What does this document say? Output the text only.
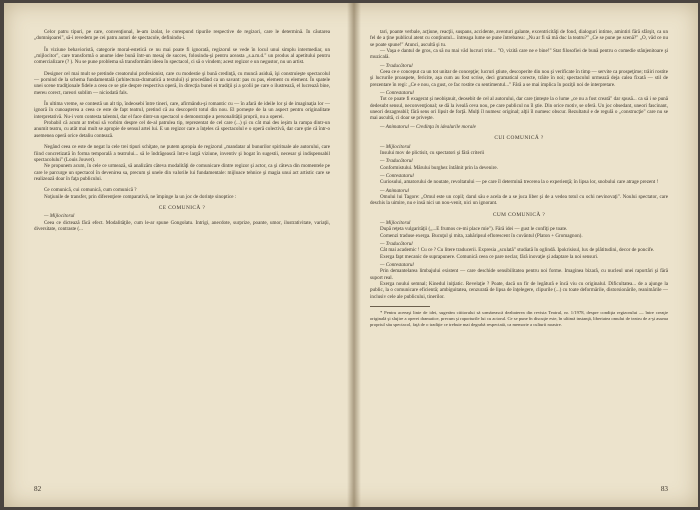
Celor patru tipuri, pe care, convenţional, le-am izolat, le corespund tipurile respective de regizori, care le determină. În căutarea „domnişoarei", să-i revedem pe cei patru autori de spectacole, definindu-i.

În viziune behavioristă, categorie moral-estetică ce nu mai poate fi ignorată, regizorul se vede în locul unui simplu intermediar, un „mijlocitor", care transformă o anume idee bună într-un mesaj de succes, folosindu-şi pentru aceasta „s.a.m.d." un produs al apetitului pentru comercializare (? ). Nu se pune problema să transformăm ideea în spectacol, ci să o vindem; acest regizor e un negustor, nu un artist.

Designer cel mai mult se pretinde creatorului profesionist, care cu modestie şi bună credinţă, cu muncă asiduă, îşi construieşte spectacolul — pornind de la schema fundamentală (arhitectura-dramatică a textului) şi procedând ca un savant: pas cu pas, element cu element. În spatele unei scene tradiţionale fidele a ceea ce se ştie despre respectiva operă, în direcţia bunei ei tradiţii şi a şcolii pe care o ilustrează, el lucrează bine, mereu corect, rareori sublim — niciodată fals.

În ultima vreme, se contestă un alt tip, îndeosebi între tineri, care, afirmându-şi romantic cu — în afară de ideile lor şi de imaginaţia lor — ignoră în cunoaşterea a ceea ce este de fapt teatrul, pretind că au descoperit totul din nou. El porneşte de la un aspect pentru originalitate interpretativă. Nu-i vom contesta talentul, dar el face dintr-un spectacol o demonstraţie a personalităţii proprii, nu a operei.

Probabil că acum ar trebui să vorbim despre cel de-al patrulea tip, reprezentat de cel care (...) şi cu cât mai des ieşim la rampa dintr-un anumit teatru, cu atât mai mult se apropie de sensul artei lui. E un regizor care a înţeles că spectacolul e o operă colectivă, dar care ştie că într-o asemenea operă orice detaliu contează.

Negând ceea ce este de negat la cele trei tipuri schiţate, ne putem apropia de regizorul „mandatar al bunurilor spirituale ale autorului, care fiind concretizată în forma temporală a teatrului... să le îndrăgească într-o largă viziune, inventiv şi bogat în sugestii, necesar şi indispensabil spectacolului" (Louis Jouvet).

Ne propunem acum, în cele ce urmează, să analizăm câteva modalităţi de comunicare dintre regizor şi actor, ca şi câteva din momentele pe care le parcurge un spectacol în devenirea sa, precum şi unele din valorile lui fundamentale: mijloace tehnice şi magia unui act artistic care se realizează doar în faţa publicului.

Ce comunică, cui comunică, cum comunică ?

Noţiunile de transfer, prin diferenţiere comparativă, ne împinge la un joc de dorinţe sinoptice :

CE COMUNICĂ ?

— Mijlocitorul

Ceea ce dictează făcă efect. Modalităţile, cum le-ar spune Gongolatu. Intrigi, anecdote, surprize, poante, umor, ilustrativitate, variaţii, diversitate, contraste (...

82

tari, poante verbale, acţiune, reacţii, suspans, accidente, aventuri galante, excentricităţi de fond, dialoguri intime, amintiri fără sfârşit, ca un fel de a ţine publicul atent cu conţinutul... întreaga lume se pune întrebarea: „Nu ar fi să mă duc la teatru?" „Ce se pune pe scenă?" „O, văd ce nu se poate spune!" Atunci, ascultă şi tu.

— Vaşa e dantul de gros, ca să nu mai văd lucruri trist... "O, vizită care ne e bine!" Stat filosofiei de bună pentru o comedie stânjenitoare şi muzicală.

— Traducătorul

Ceea ce e conceput ca un tot unitar de concepţie; lucruri ştiute, descoperite din nou şi verificate în timp — servite ca prospeţime; trăiri rostite şi lucrurile proaspete, fericite, aşa cum au fost scrise, deci gramatical corecte, trăite în noi; spectacolul urmează deja calea fixată — stil de prezentare în regi: „Ce e nou, ca gust, ce fac rostite cu sentimentul..." Fără a se mai implica în poziţii noi de interpretare.

— Contestatarul

Tot ce poate fi exagerat şi neobişnuit, deosebit de cel al autorului, dar care ţinteşte la o lume „ce nu a fost creată" dar spusă... ca să i se pună dedesubt sensul, neconvenţional; se dă la iveală ceva nou, pe care publicul nu îl ştie. Din orice motiv, se oferă. Un joc obsedant, uneori fascinant, uneori dezagreabil; fără sens ori lipsit de forţă. Mulţi îl numesc original; alţii îl numesc obscur. Rezultatul e de regulă o „construcţie" care nu se mai ascultă, ci doar se priveşte.

— Animatorul — Credinţa în idealurile morale

CUI COMUNICĂ ?

— Mijlocitorul

Insului mov de plictisit, cu spectatori şi fără criterii

— Traducătorul

Conformistului. Mărului burghez întâlnit prin la devenire.

— Contestatarul

Curiosului, amatorului de noutate, revoltatului — pe care îl determină trecerea la o experienţă; în lipsa lor, snobului care atrage prezent !

— Animatorul

Omului lui Tagore: „Omul este un copil; darul său e acela de a se juca liber şi de a vedea totul cu ochi nevinovaţi". Noului spectator, care deschis la uimire, nu e insă nici un nou-venit, nici un ignorant.

CUM COMUNICĂ ?

— Mijlocitorul

După reţeta vulgarităţii („...E frumos ce-mi place mie"). Fără idei — gust le confiţi pe toate.

Comenzi traduse exerga. Bucuţul şi mita, zahăripsul eflorescent în cuvântul (Platon + Gromagnon).

— Traducătorul

Cât mai academic ! Cu ce ? Cu litere traducerii. Expresia „sculată" studiată în oglindă. Ipokrisisul, lux de plătitudini, decor de poncife.

Exerga fapt mecanic de suprapunere. Comunică ceea ce pare neclar, fără inovaţie şi adaptare la noi sensuri.

— Contestatarul

Prin demantelarea limbajului existent — care deschide sensibilitatea pentru noi forme. Imaginea bizară, cu nucleul unei raportări şi fără suport real.

Exerga noului semnal; Kinedul iniţiatic. Revelaţie ? Poate, dacă un fir de legătură e încă viu cu originalul. Dificultatea... de a ajunge la public, la o comunicare eficientă; ambiguitatea, cenzurată de lipsa de înţelegere, clipurile (...) cu toate deformările, distorsionările, reanimările — inclusiv cele ale publicului, tinerilor.

* Pentru aceeaşi linie de idei, sugerăm cititorului să urmărească dezbaterea din revista Teatrul, nr. 1/1978, despre condiţia regizorului — între creaţie originală şi slujire a operei dramatice, precum şi raporturile lui cu actorul. Ce se pune în discuţie este, în ultimă instanţă, libertatea omului de teatru de a-şi asuma propriul său spectacol, faţă de o tradiţie ce trebuie mai degrabă respectată, ca memorie a culturii noastre.

83
